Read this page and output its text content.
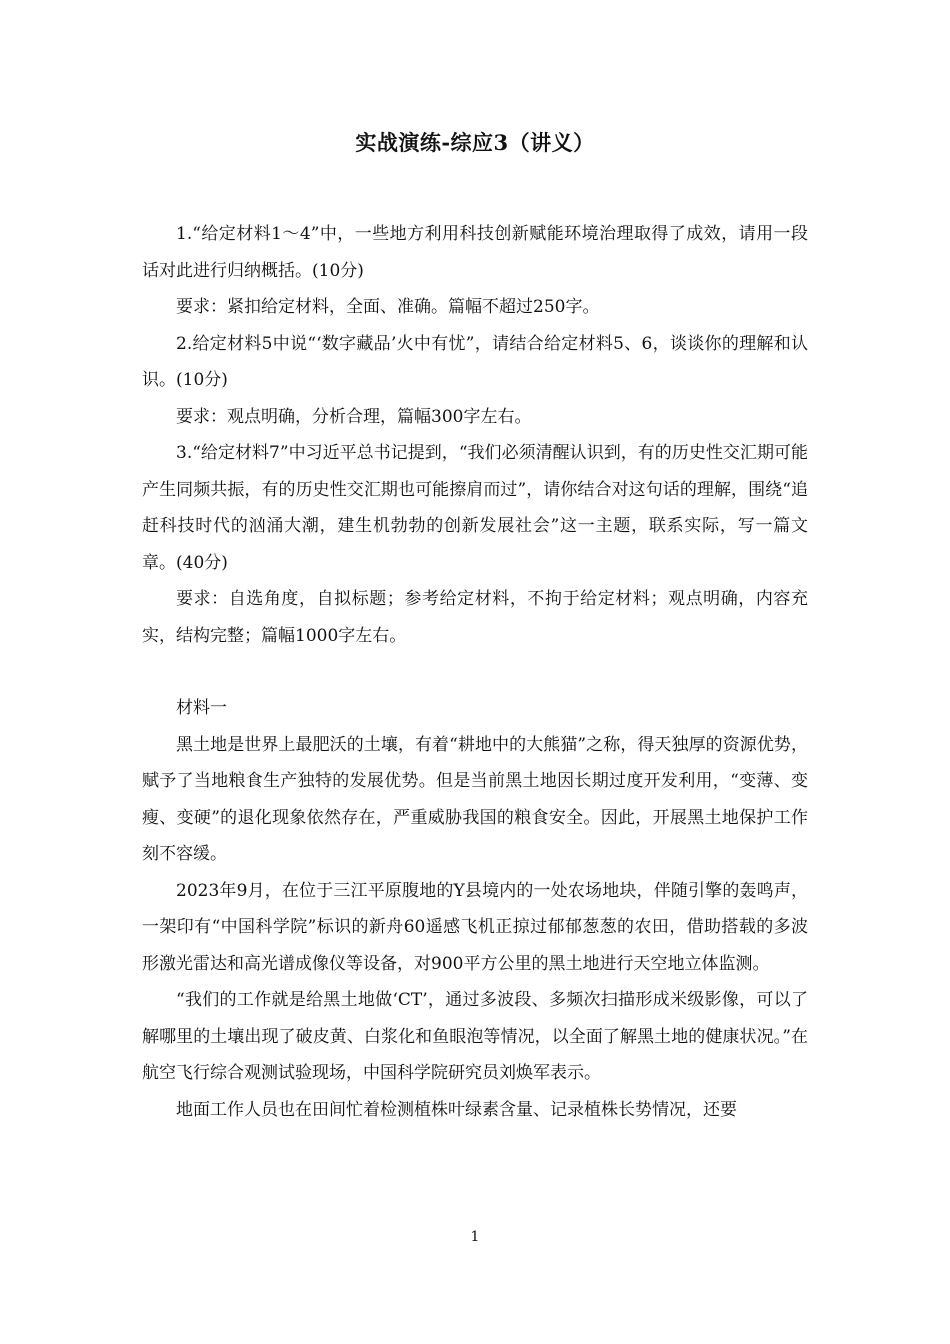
实战演练-综应3（讲义）

1.“给定材料1～4”中，一些地方利用科技创新赋能环境治理取得了成效，请用一段话对此进行归纳概括。(10分)

要求：紧扣给定材料，全面、准确。篇幅不超过250字。

2.给定材料5中说“‘数字藏品’火中有忧”，请结合给定材料5、6，谈谈你的理解和认识。(10分)

要求：观点明确，分析合理，篇幅300字左右。

3.“给定材料7”中习近平总书记提到，“我们必须清醒认识到，有的历史性交汇期可能产生同频共振，有的历史性交汇期也可能擦肩而过”，请你结合对这句话的理解，围绕“追赶科技时代的汹涌大潮，建生机勃勃的创新发展社会”这一主题，联系实际，写一篇文章。(40分)

要求：自选角度，自拟标题；参考给定材料，不拘于给定材料；观点明确，内容充实，结构完整；篇幅1000字左右。

材料一

黑土地是世界上最肥沃的土壤，有着“耕地中的大熊猫”之称，得天独厚的资源优势，赋予了当地粮食生产独特的发展优势。但是当前黑土地因长期过度开发利用，“变薄、变瘦、变硬”的退化现象依然存在，严重威胁我国的粮食安全。因此，开展黑土地保护工作刻不容缓。

2023年9月，在位于三江平原腹地的Y县境内的一处农场地块，伴随引擎的轰鸣声，一架印有“中国科学院”标识的新舟60遥感飞机正掠过郁郁葱葱的农田，借助搭载的多波形激光雷达和高光谱成像仪等设备，对900平方公里的黑土地进行天空地立体监测。

“我们的工作就是给黑土地做‘CT’，通过多波段、多频次扫描形成米级影像，可以了解哪里的土壤出现了破皮黄、白浆化和鱼眼泡等情况，以全面了解黑土地的健康状况。”在航空飞行综合观测试验现场，中国科学院研究员刘焕军表示。

地面工作人员也在田间忙着检测植株叶绿素含量、记录植株长势情况，还要

1
